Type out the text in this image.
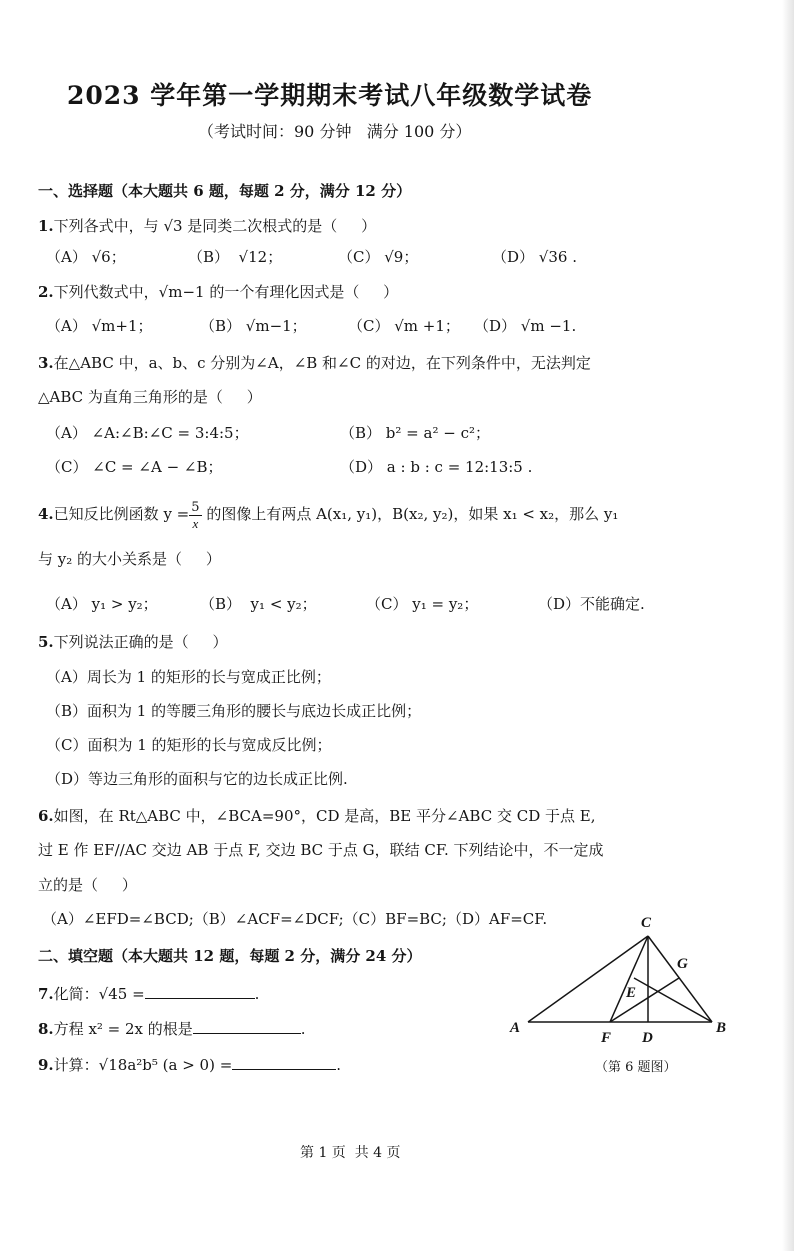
2023 学年第一学期期末考试八年级数学试卷
（考试时间：90 分钟   满分 100 分）
一、选择题（本大题共 6 题，每题 2 分，满分 12 分）
1.下列各式中，与 √3 是同类二次根式的是（     ）
（A） √6；	（B）  √12；	（C） √9；	（D） √36 .
2.下列代数式中，√m−1 的一个有理化因式是（     ）
（A） √m+1；	（B） √m−1；	（C） √m +1； （D） √m −1.
3.在△ABC 中，a、b、c 分别为∠A，∠B 和∠C 的对边，在下列条件中，无法判定
△ABC 为直角三角形的是（     ）
（A） ∠A:∠B:∠C = 3:4:5；	（B） b² = a² − c²；
（C） ∠C = ∠A − ∠B；	（D） a : b : c = 12:13:5 .
4.已知反比例函数 $y = \frac{5}{x}$ 的图像上有两点 A(x₁, y₁)，B(x₂, y₂)，如果 x₁ < x₂，那么 y₁
与 y₂ 的大小关系是（     ）
（A） y₁ > y₂；	（B）  y₁ < y₂；	（C） y₁ = y₂；	（D）不能确定.
5.下列说法正确的是（     ）
（A）周长为 1 的矩形的长与宽成正比例；
（B）面积为 1 的等腰三角形的腰长与底边长成正比例；
（C）面积为 1 的矩形的长与宽成反比例；
（D）等边三角形的面积与它的边长成正比例.
6.如图，在 Rt△ABC 中，∠BCA=90°，CD 是高，BE 平分∠ABC 交 CD 于点 E,
过 E 作 EF//AC 交边 AB 于点 F, 交边 BC 于点 G，联结 CF. 下列结论中，不一定成
立的是（     ）
（A）∠EFD=∠BCD;（B）∠ACF=∠DCF;（C）BF=BC;（D）AF=CF.
二、填空题（本大题共 12 题，每题 2 分，满分 24 分）
7.化简：√45 =	.
8.方程 x² = 2x 的根是	.
9.计算：√18a²b⁵ (a > 0) =	.
C
G
E
A
F D
B
（第 6 题图）
第 1 页  共 4 页
